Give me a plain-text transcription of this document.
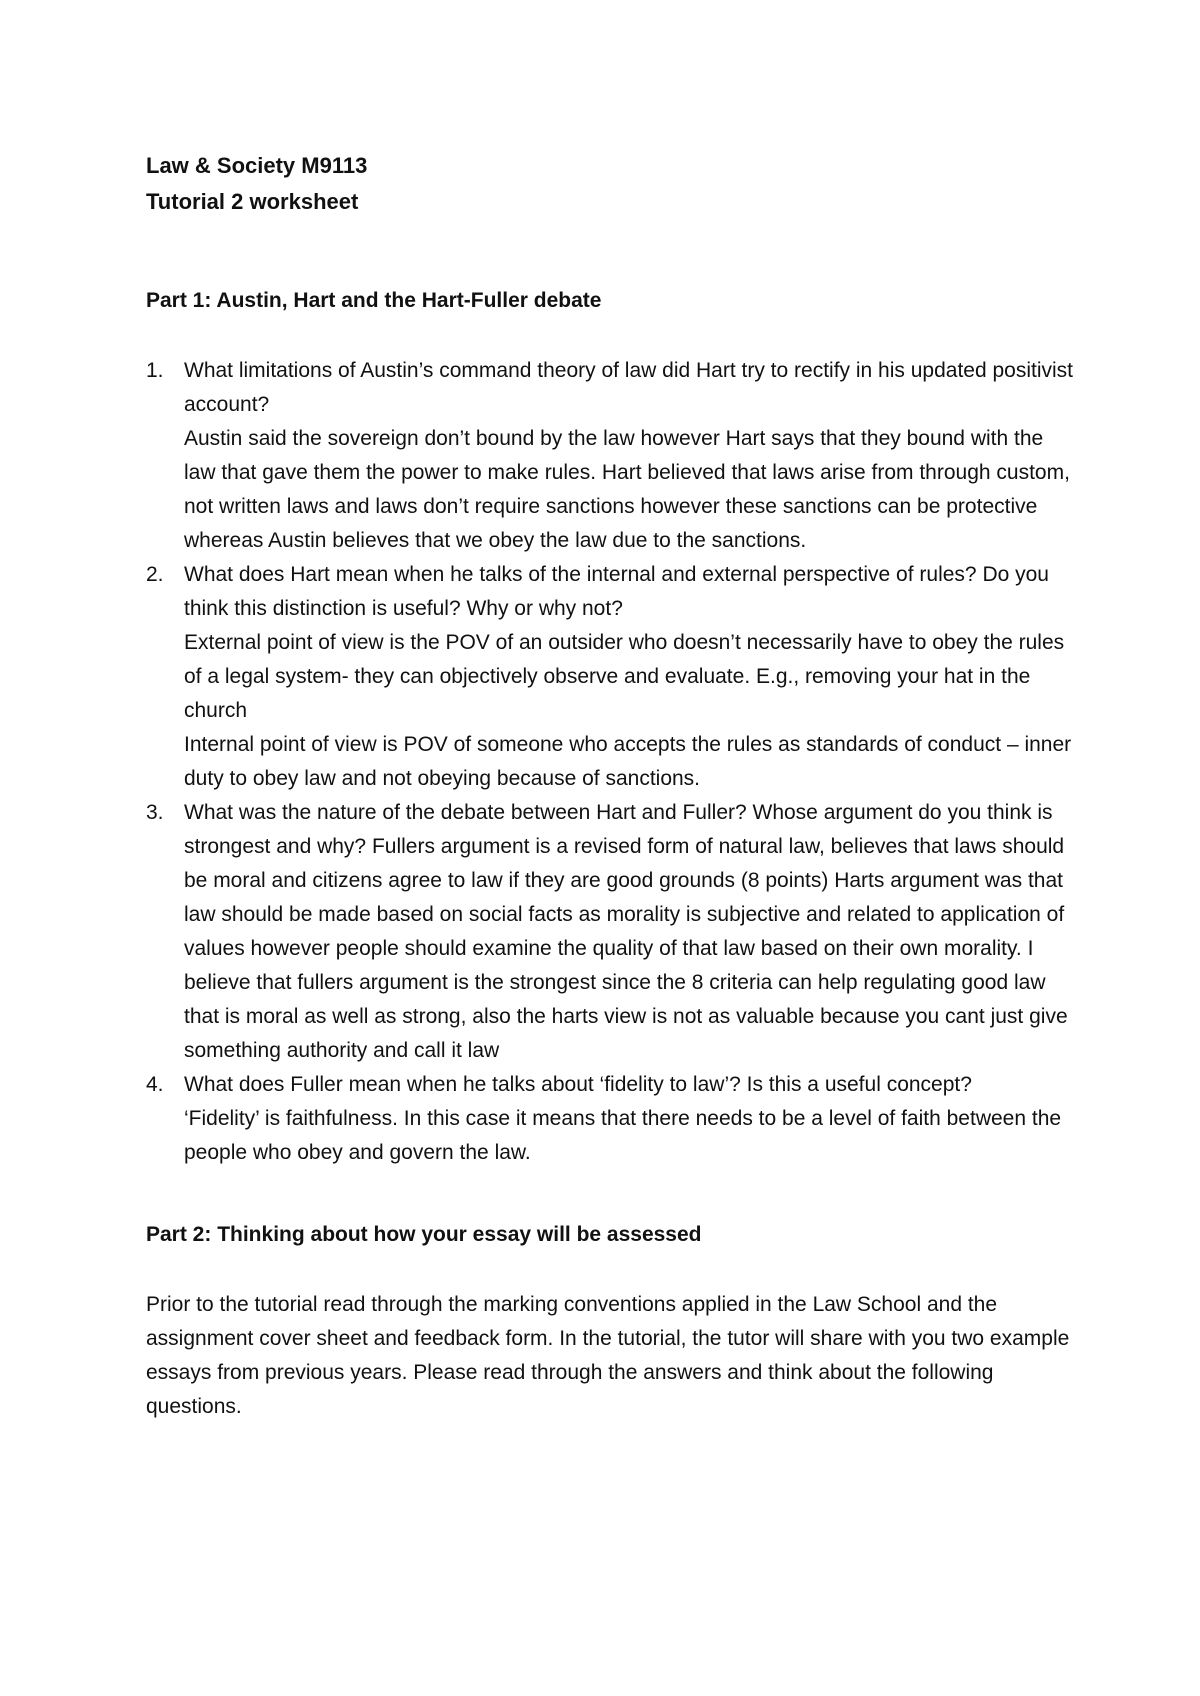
Law & Society M9113

Tutorial 2 worksheet

Part 1: Austin, Hart and the Hart-Fuller debate

1. What limitations of Austin’s command theory of law did Hart try to rectify in his updated positivist account?
Austin said the sovereign don’t bound by the law however Hart says that they bound with the law that gave them the power to make rules. Hart believed that laws arise from through custom, not written laws and laws don’t require sanctions however these sanctions can be protective whereas Austin believes that we obey the law due to the sanctions.
2. What does Hart mean when he talks of the internal and external perspective of rules? Do you think this distinction is useful? Why or why not?
External point of view is the POV of an outsider who doesn’t necessarily have to obey the rules of a legal system- they can objectively observe and evaluate. E.g., removing your hat in the church
Internal point of view is POV of someone who accepts the rules as standards of conduct – inner duty to obey law and not obeying because of sanctions.
3. What was the nature of the debate between Hart and Fuller? Whose argument do you think is strongest and why? Fullers argument is a revised form of natural law, believes that laws should be moral and citizens agree to law if they are good grounds (8 points) Harts argument was that law should be made based on social facts as morality is subjective and related to application of values however people should examine the quality of that law based on their own morality. I believe that fullers argument is the strongest since the 8 criteria can help regulating good law that is moral as well as strong, also the harts view is not as valuable because you cant just give something authority and call it law
4. What does Fuller mean when he talks about ‘fidelity to law’? Is this a useful concept?
‘Fidelity’ is faithfulness. In this case it means that there needs to be a level of faith between the people who obey and govern the law.

Part 2: Thinking about how your essay will be assessed

Prior to the tutorial read through the marking conventions applied in the Law School and the assignment cover sheet and feedback form. In the tutorial, the tutor will share with you two example essays from previous years. Please read through the answers and think about the following questions.
